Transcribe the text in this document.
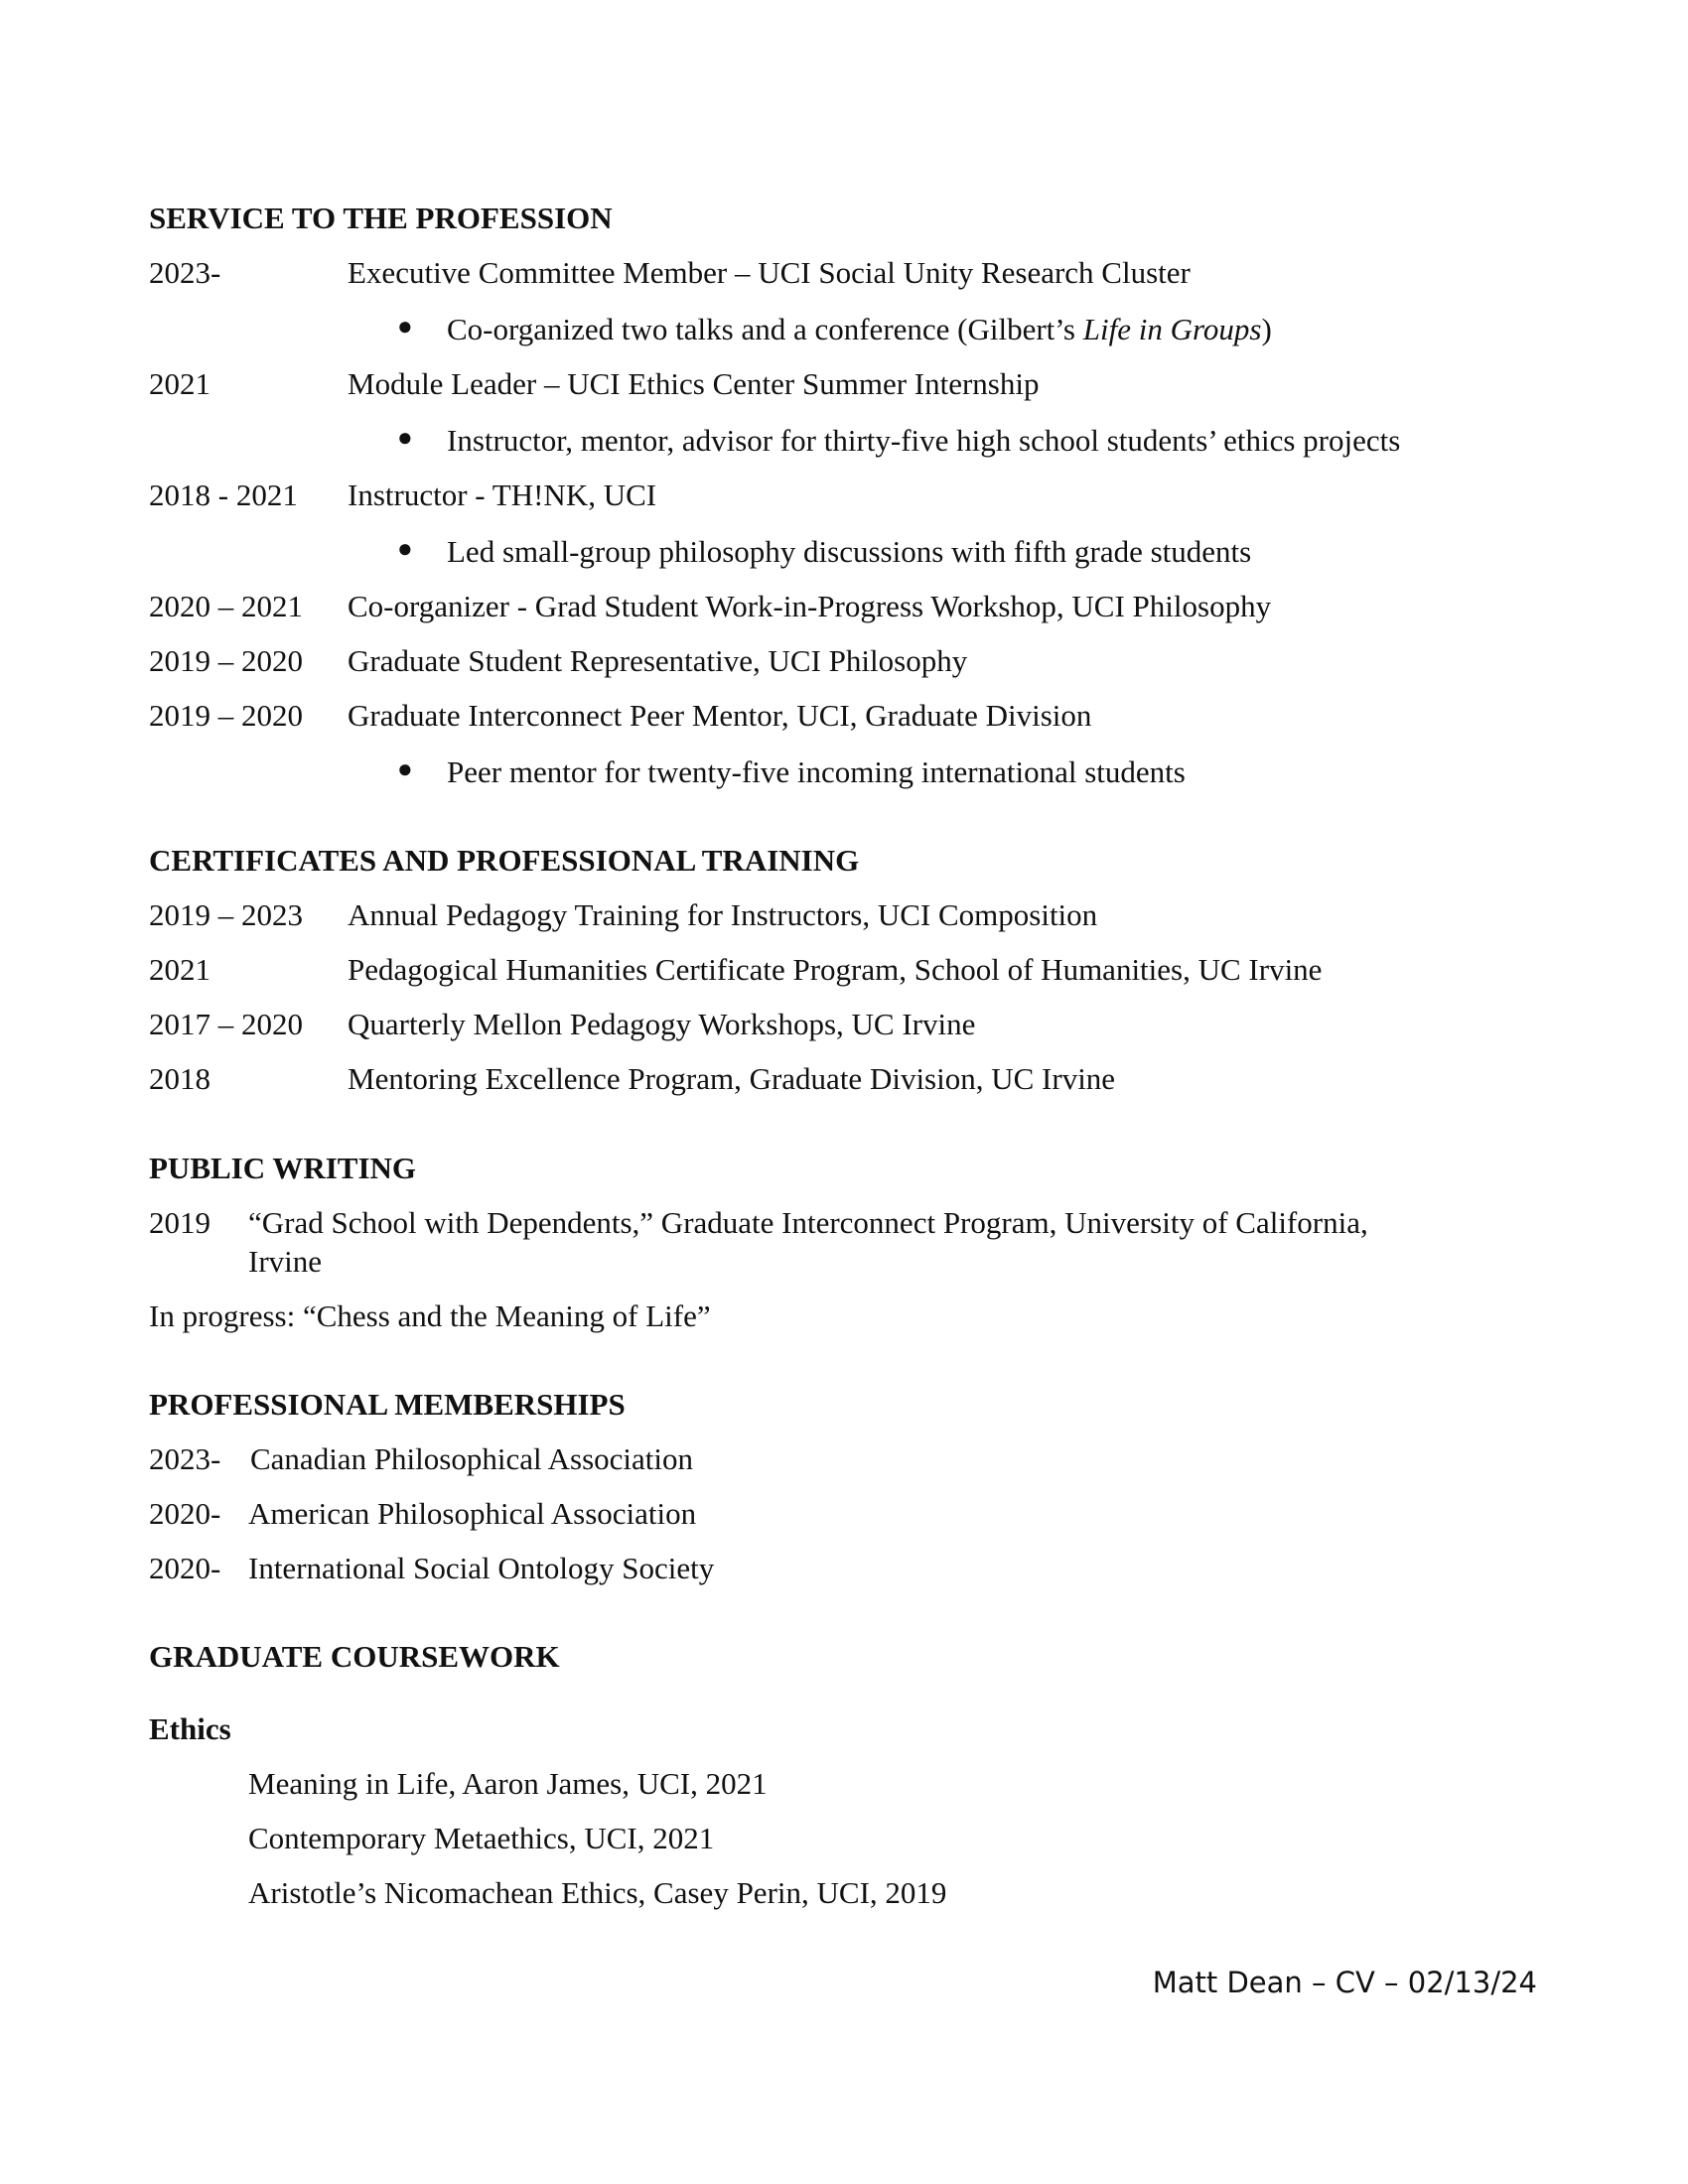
SERVICE TO THE PROFESSION
2023-	Executive Committee Member – UCI Social Unity Research Cluster
● Co-organized two talks and a conference (Gilbert’s Life in Groups)
2021	Module Leader – UCI Ethics Center Summer Internship
● Instructor, mentor, advisor for thirty-five high school students’ ethics projects
2018 - 2021 Instructor - TH!NK, UCI
● Led small-group philosophy discussions with fifth grade students
2020 – 2021 Co-organizer - Grad Student Work-in-Progress Workshop, UCI Philosophy
2019 – 2020 Graduate Student Representative, UCI Philosophy
2019 – 2020 Graduate Interconnect Peer Mentor, UCI, Graduate Division
● Peer mentor for twenty-five incoming international students
CERTIFICATES AND PROFESSIONAL TRAINING
2019 – 2023 Annual Pedagogy Training for Instructors, UCI Composition
2021	Pedagogical Humanities Certificate Program, School of Humanities, UC Irvine
2017 – 2020 Quarterly Mellon Pedagogy Workshops, UC Irvine
2018	Mentoring Excellence Program, Graduate Division, UC Irvine
PUBLIC WRITING
2019 “Grad School with Dependents,” Graduate Interconnect Program, University of California,
Irvine
In progress: “Chess and the Meaning of Life”
PROFESSIONAL MEMBERSHIPS
2023- Canadian Philosophical Association
2020- American Philosophical Association
2020- International Social Ontology Society
GRADUATE COURSEWORK
Ethics
Meaning in Life, Aaron James, UCI, 2021
Contemporary Metaethics, UCI, 2021
Aristotle’s Nicomachean Ethics, Casey Perin, UCI, 2019
Matt Dean – CV – 02/13/24
